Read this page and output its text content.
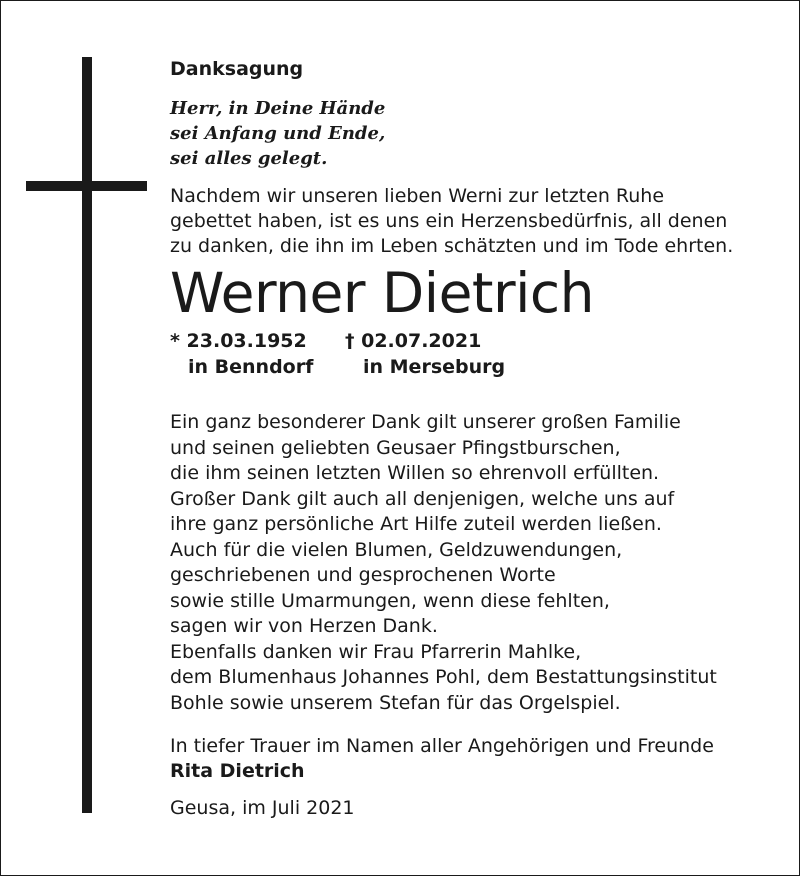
Danksagung
Herr, in Deine Hände
sei Anfang und Ende,
sei alles gelegt.
Nachdem wir unseren lieben Werni zur letzten Ruhe
gebettet haben, ist es uns ein Herzensbedürfnis, all denen
zu danken, die ihn im Leben schätzten und im Tode ehrten.
Werner Dietrich
* 23.03.1952
in Benndorf
† 02.07.2021
in Merseburg
Ein ganz besonderer Dank gilt unserer großen Familie
und seinen geliebten Geusaer Pfingstburschen,
die ihm seinen letzten Willen so ehrenvoll erfüllten.
Großer Dank gilt auch all denjenigen, welche uns auf
ihre ganz persönliche Art Hilfe zuteil werden ließen.
Auch für die vielen Blumen, Geldzuwendungen,
geschriebenen und gesprochenen Worte
sowie stille Umarmungen, wenn diese fehlten,
sagen wir von Herzen Dank.
Ebenfalls danken wir Frau Pfarrerin Mahlke,
dem Blumenhaus Johannes Pohl, dem Bestattungsinstitut
Bohle sowie unserem Stefan für das Orgelspiel.
In tiefer Trauer im Namen aller Angehörigen und Freunde
Rita Dietrich
Geusa, im Juli 2021
